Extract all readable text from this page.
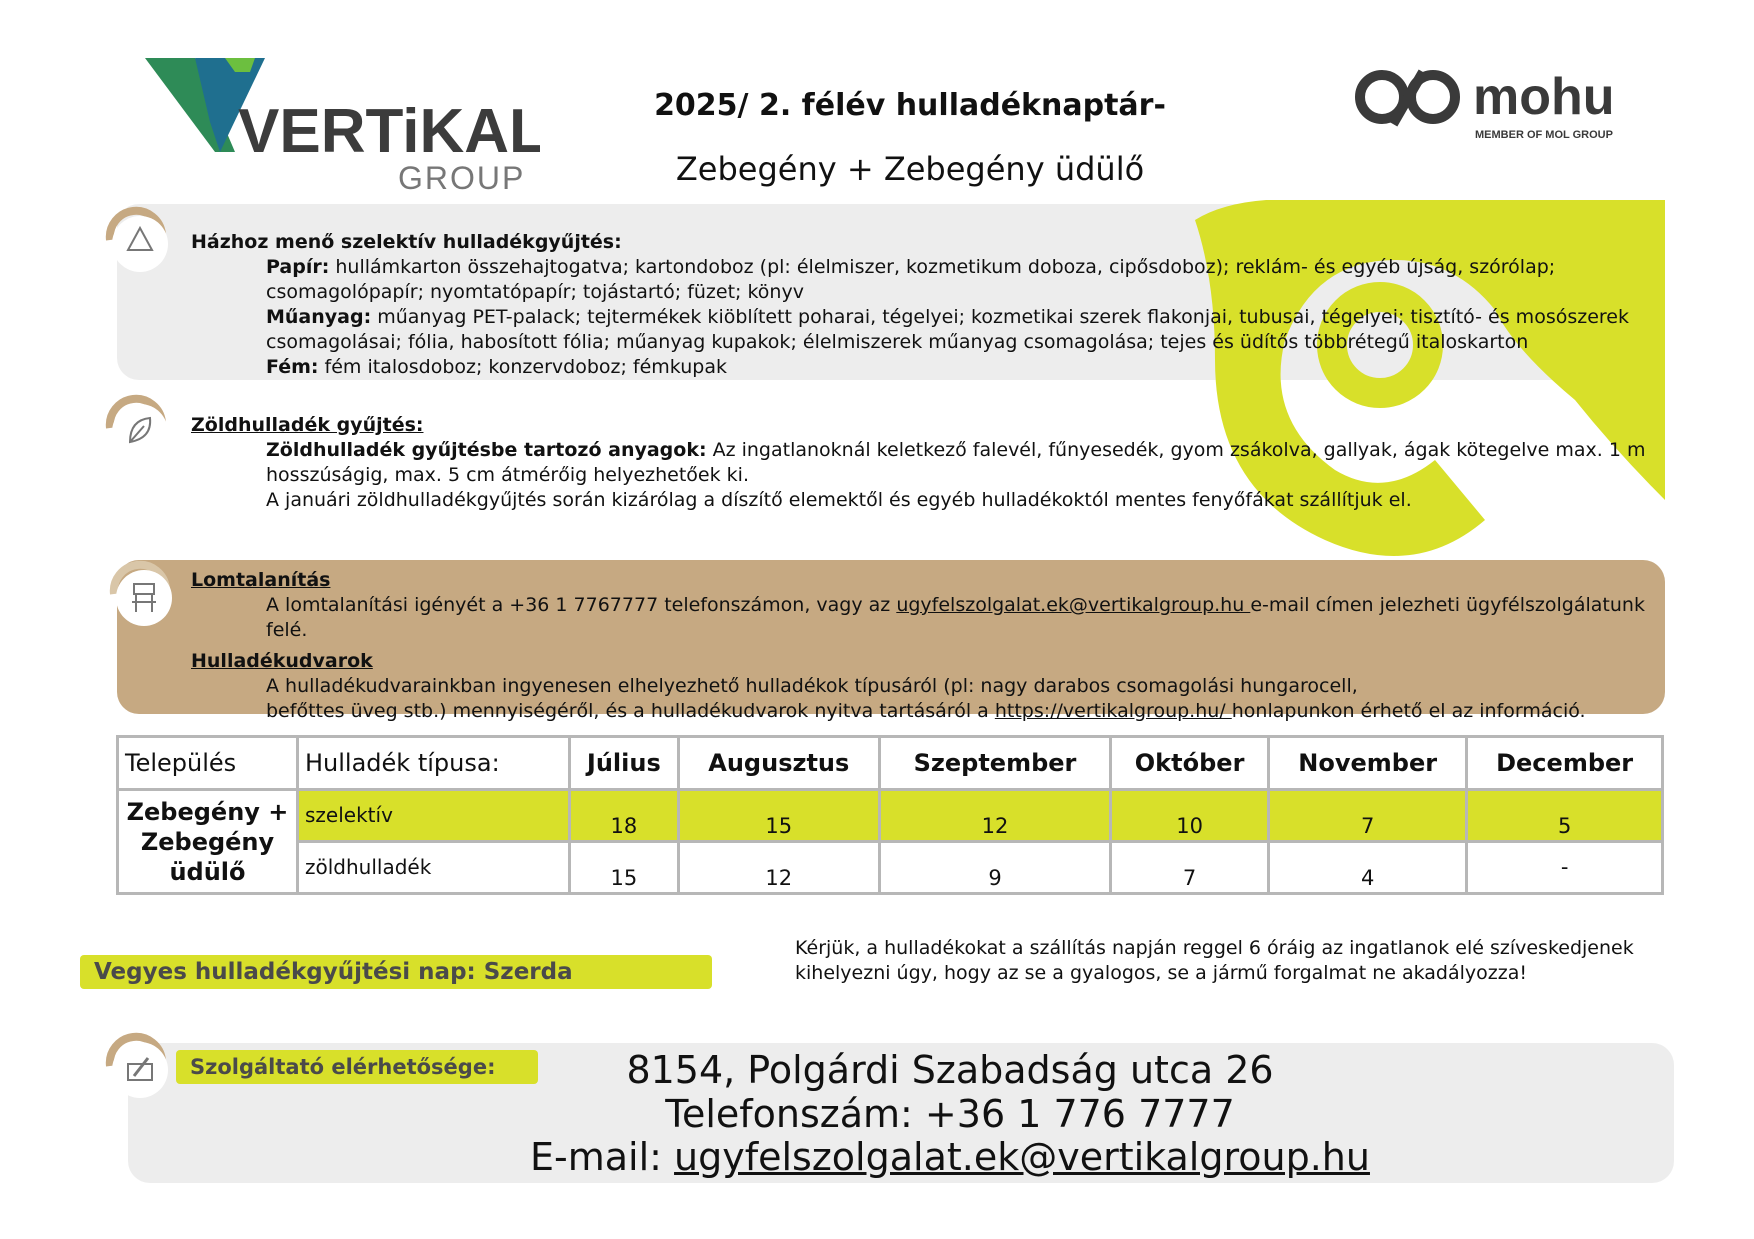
VERTiKAL
GROUP
mohu
MEMBER OF MOL GROUP
2025/ 2. félév hulladéknaptár-
Zebegény + Zebegény üdülő
Házhoz menő szelektív hulladékgyűjtés:
Papír: hullámkarton összehajtogatva; kartondoboz (pl: élelmiszer, kozmetikum doboza, cipősdoboz); reklám- és egyéb újság, szórólap;
csomagolópapír; nyomtatópapír; tojástartó; füzet; könyv
Műanyag: műanyag PET-palack; tejtermékek kiöblített poharai, tégelyei; kozmetikai szerek flakonjai, tubusai, tégelyei; tisztító- és mosószerek
csomagolásai; fólia, habosított fólia; műanyag kupakok; élelmiszerek műanyag csomagolása; tejes és üdítős többrétegű italoskarton
Fém: fém italosdoboz; konzervdoboz; fémkupak
Zöldhulladék gyűjtés:
Zöldhulladék gyűjtésbe tartozó anyagok: Az ingatlanoknál keletkező falevél, fűnyesedék, gyom zsákolva, gallyak, ágak kötegelve max. 1 m
hosszúságig, max. 5 cm átmérőig helyezhetőek ki.
A januári zöldhulladékgyűjtés során kizárólag a díszítő elemektől és egyéb hulladékoktól mentes fenyőfákat szállítjuk el.
Lomtalanítás
A lomtalanítási igényét a +36 1 7767777 telefonszámon, vagy az ugyfelszolgalat.ek@vertikalgroup.hu e-mail címen jelezheti ügyfélszolgálatunk felé.
Hulladékudvarok
A hulladékudvarainkban ingyenesen elhelyezhető hulladékok típusáról (pl: nagy darabos csomagolási hungarocell,
befőttes üveg stb.) mennyiségéről, és a hulladékudvarok nyitva tartásáról a https://vertikalgroup.hu/ honlapunkon érhető el az információ.
Település	Hulladék típusa:	Július	Augusztus	Szeptember	Október	November	December
Zebegény + Zebegény üdülő	szelektív	18	15	12	10	7	5
	zöldhulladék	15	12	9	7	4	-
Vegyes hulladékgyűjtési nap: Szerda
Kérjük, a hulladékokat a szállítás napján reggel 6 óráig az ingatlanok elé szíveskedjenek
kihelyezni úgy, hogy az se a gyalogos, se a jármű forgalmat ne akadályozza!
Szolgáltató elérhetősége:	8154, Polgárdi Szabadság utca 26
Telefonszám: +36 1 776 7777
E-mail: ugyfelszolgalat.ek@vertikalgroup.hu
